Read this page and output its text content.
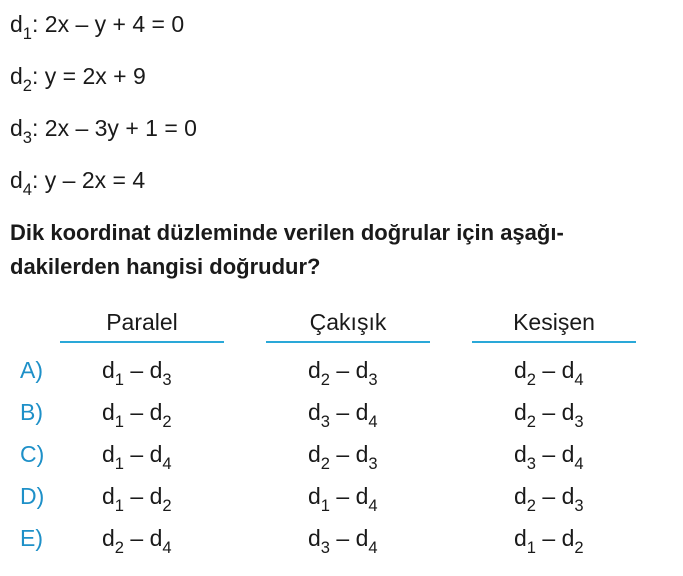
$d_1$: 2x – y + 4 = 0
$d_2$: y = 2x + 9
$d_3$: 2x – 3y + 1 = 0
$d_4$: y – 2x = 4
Dik koordinat düzleminde verilen doğrular için aşağı-
dakilerden hangisi doğrudur?
Paralel	Çakışık	Kesişen
A)	$d_1 - d_3$	$d_2 - d_3$	$d_2 - d_4$
B)	$d_1 - d_2$	$d_3 - d_4$	$d_2 - d_3$
C)	$d_1 - d_4$	$d_2 - d_3$	$d_3 - d_4$
D)	$d_1 - d_2$	$d_1 - d_4$	$d_2 - d_3$
E)	$d_2 - d_4$	$d_3 - d_4$	$d_1 - d_2$
